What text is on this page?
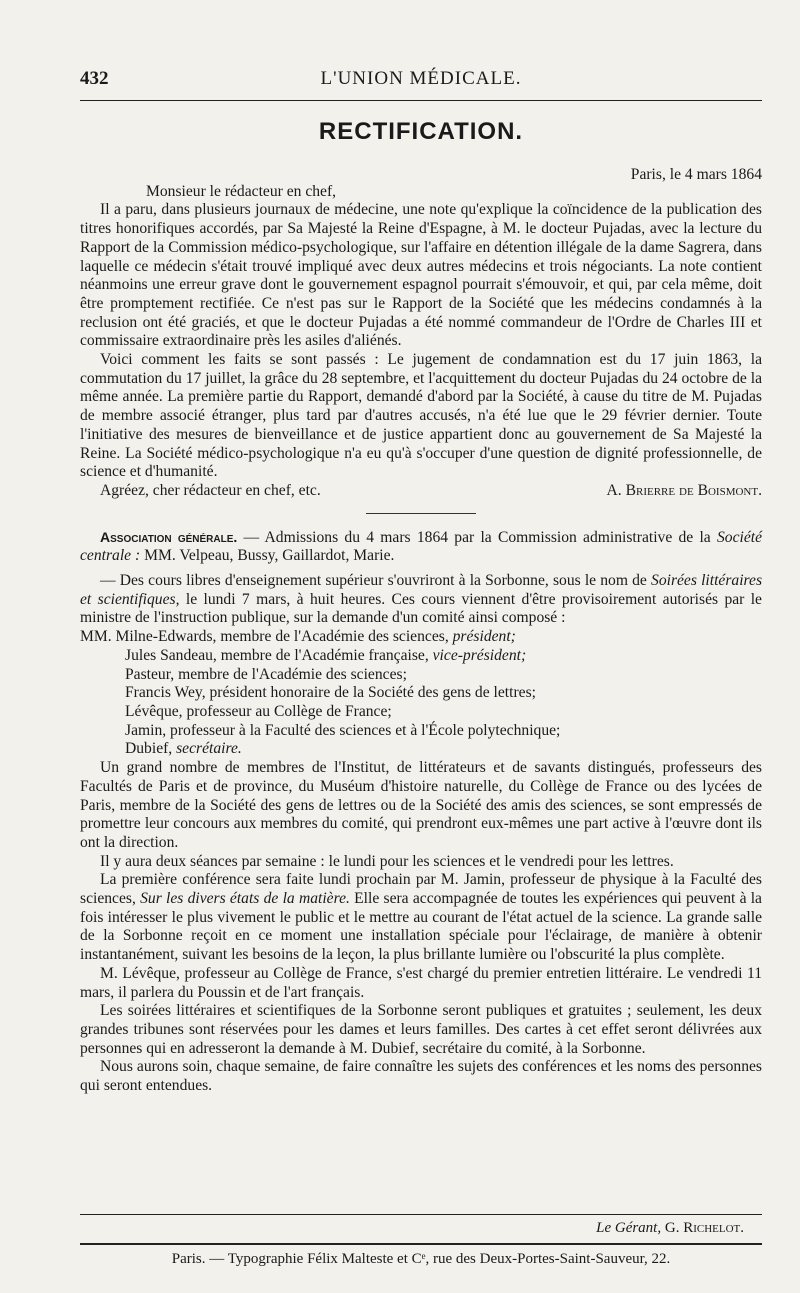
432	L'UNION MÉDICALE.
RECTIFICATION.

Paris, le 4 mars 1864

Monsieur le rédacteur en chef,

Il a paru, dans plusieurs journaux de médecine, une note qu'explique la coïncidence de la publication des titres honorifiques accordés, par Sa Majesté la Reine d'Espagne, à M. le docteur Pujadas, avec la lecture du Rapport de la Commission médico-psychologique, sur l'affaire en détention illégale de la dame Sagrera, dans laquelle ce médecin s'était trouvé impliqué avec deux autres médecins et trois négociants. La note contient néanmoins une erreur grave dont le gouvernement espagnol pourrait s'émouvoir, et qui, par cela même, doit être promptement rectifiée. Ce n'est pas sur le Rapport de la Société que les médecins condamnés à la reclusion ont été graciés, et que le docteur Pujadas a été nommé commandeur de l'Ordre de Charles III et commissaire extraordinaire près les asiles d'aliénés.

Voici comment les faits se sont passés : Le jugement de condamnation est du 17 juin 1863, la commutation du 17 juillet, la grâce du 28 septembre, et l'acquittement du docteur Pujadas du 24 octobre de la même année. La première partie du Rapport, demandé d'abord par la Société, à cause du titre de M. Pujadas de membre associé étranger, plus tard par d'autres accusés, n'a été lue que le 29 février dernier. Toute l'initiative des mesures de bienveillance et de justice appartient donc au gouvernement de Sa Majesté la Reine. La Société médico-psychologique n'a eu qu'à s'occuper d'une question de dignité professionnelle, de science et d'humanité.

Agréez, cher rédacteur en chef, etc.	A. Brierre de Boismont.

Association générale. — Admissions du 4 mars 1864 par la Commission administrative de la Société centrale : MM. Velpeau, Bussy, Gaillardot, Marie.

— Des cours libres d'enseignement supérieur s'ouvriront à la Sorbonne, sous le nom de Soirées littéraires et scientifiques, le lundi 7 mars, à huit heures. Ces cours viennent d'être provisoirement autorisés par le ministre de l'instruction publique, sur la demande d'un comité ainsi composé :

MM. Milne-Edwards, membre de l'Académie des sciences, président;
Jules Sandeau, membre de l'Académie française, vice-président;
Pasteur, membre de l'Académie des sciences;
Francis Wey, président honoraire de la Société des gens de lettres;
Lévêque, professeur au Collège de France;
Jamin, professeur à la Faculté des sciences et à l'École polytechnique;
Dubief, secrétaire.

Un grand nombre de membres de l'Institut, de littérateurs et de savants distingués, professeurs des Facultés de Paris et de province, du Muséum d'histoire naturelle, du Collège de France ou des lycées de Paris, membre de la Société des gens de lettres ou de la Société des amis des sciences, se sont empressés de promettre leur concours aux membres du comité, qui prendront eux-mêmes une part active à l'œuvre dont ils ont la direction.

Il y aura deux séances par semaine : le lundi pour les sciences et le vendredi pour les lettres.

La première conférence sera faite lundi prochain par M. Jamin, professeur de physique à la Faculté des sciences, Sur les divers états de la matière. Elle sera accompagnée de toutes les expériences qui peuvent à la fois intéresser le plus vivement le public et le mettre au courant de l'état actuel de la science. La grande salle de la Sorbonne reçoit en ce moment une installation spéciale pour l'éclairage, de manière à obtenir instantanément, suivant les besoins de la leçon, la plus brillante lumière ou l'obscurité la plus complète.

M. Lévêque, professeur au Collège de France, s'est chargé du premier entretien littéraire. Le vendredi 11 mars, il parlera du Poussin et de l'art français.

Les soirées littéraires et scientifiques de la Sorbonne seront publiques et gratuites ; seulement, les deux grandes tribunes sont réservées pour les dames et leurs familles. Des cartes à cet effet seront délivrées aux personnes qui en adresseront la demande à M. Dubief, secrétaire du comité, à la Sorbonne.

Nous aurons soin, chaque semaine, de faire connaître les sujets des conférences et les noms des personnes qui seront entendues.

Le Gérant, G. Richelot.
Paris. — Typographie Félix Malteste et Cᵉ, rue des Deux-Portes-Saint-Sauveur, 22.
